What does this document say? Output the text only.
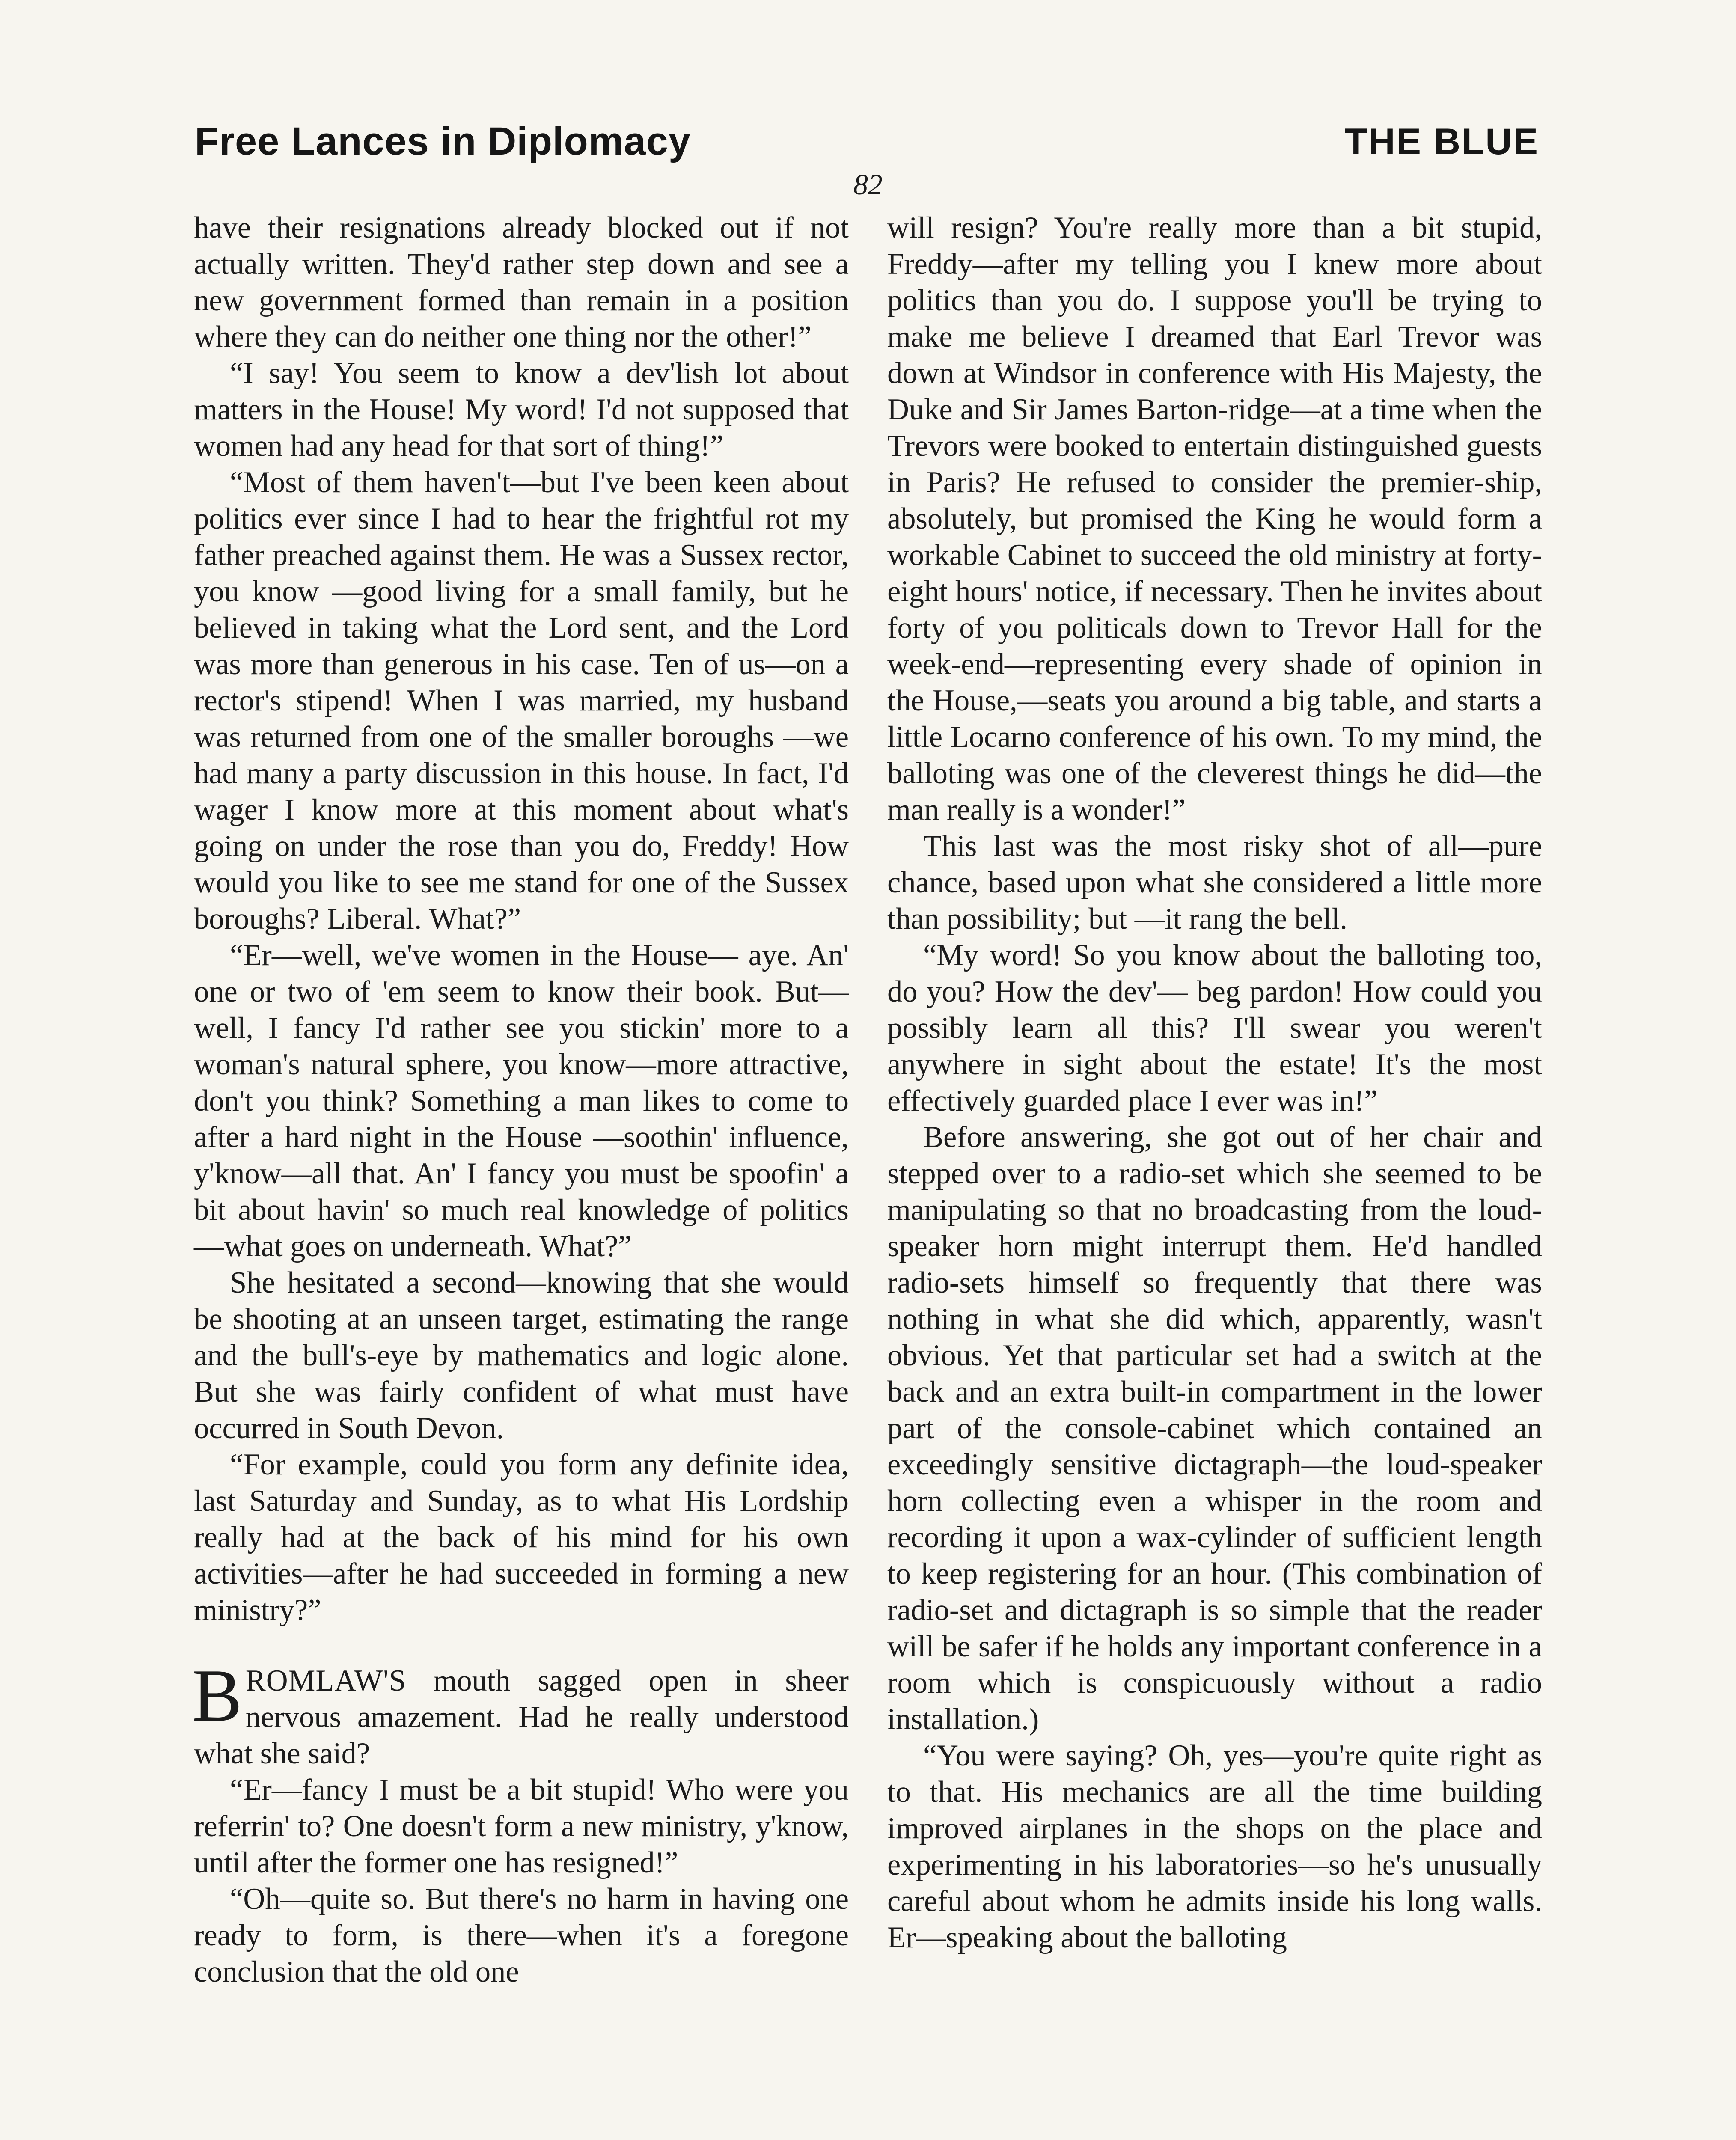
Free Lances in Diplomacy	THE BLUE
82

have their resignations already blocked out if not actually written. They'd rather step down and see a new government formed than remain in a position where they can do neither one thing nor the other!”

“I say! You seem to know a dev'lish lot about matters in the House! My word! I'd not supposed that women had any head for that sort of thing!”

“Most of them haven't—but I've been keen about politics ever since I had to hear the frightful rot my father preached against them. He was a Sussex rector, you know —good living for a small family, but he believed in taking what the Lord sent, and the Lord was more than generous in his case. Ten of us—on a rector's stipend! When I was married, my husband was returned from one of the smaller boroughs —we had many a party discussion in this house. In fact, I'd wager I know more at this moment about what's going on under the rose than you do, Freddy! How would you like to see me stand for one of the Sussex boroughs? Liberal. What?”

“Er—well, we've women in the House— aye. An' one or two of 'em seem to know their book. But—well, I fancy I'd rather see you stickin' more to a woman's natural sphere, you know—more attractive, don't you think? Something a man likes to come to after a hard night in the House —soothin' influence, y'know—all that. An' I fancy you must be spoofin' a bit about havin' so much real knowledge of politics —what goes on underneath. What?”

She hesitated a second—knowing that she would be shooting at an unseen target, estimating the range and the bull's-eye by mathematics and logic alone. But she was fairly confident of what must have occurred in South Devon.

“For example, could you form any definite idea, last Saturday and Sunday, as to what His Lordship really had at the back of his mind for his own activities—after he had succeeded in forming a new ministry?”

BROMLAW'S mouth sagged open in sheer nervous amazement. Had he really understood what she said?

“Er—fancy I must be a bit stupid! Who were you referrin' to? One doesn't form a new ministry, y'know, until after the former one has resigned!”

“Oh—quite so. But there's no harm in having one ready to form, is there—when it's a foregone conclusion that the old one

will resign? You're really more than a bit stupid, Freddy—after my telling you I knew more about politics than you do. I suppose you'll be trying to make me believe I dreamed that Earl Trevor was down at Windsor in conference with His Majesty, the Duke and Sir James Barton-ridge—at a time when the Trevors were booked to entertain distinguished guests in Paris? He refused to consider the premier-ship, absolutely, but promised the King he would form a workable Cabinet to succeed the old ministry at forty-eight hours' notice, if necessary. Then he invites about forty of you politicals down to Trevor Hall for the week-end—representing every shade of opinion in the House,—seats you around a big table, and starts a little Locarno conference of his own. To my mind, the balloting was one of the cleverest things he did—the man really is a wonder!”

This last was the most risky shot of all—pure chance, based upon what she considered a little more than possibility; but —it rang the bell.

“My word! So you know about the balloting too, do you? How the dev'— beg pardon! How could you possibly learn all this? I'll swear you weren't anywhere in sight about the estate! It's the most effectively guarded place I ever was in!”

Before answering, she got out of her chair and stepped over to a radio-set which she seemed to be manipulating so that no broadcasting from the loud-speaker horn might interrupt them. He'd handled radio-sets himself so frequently that there was nothing in what she did which, apparently, wasn't obvious. Yet that particular set had a switch at the back and an extra built-in compartment in the lower part of the console-cabinet which contained an exceedingly sensitive dictagraph—the loud-speaker horn collecting even a whisper in the room and recording it upon a wax-cylinder of sufficient length to keep registering for an hour. (This combination of radio-set and dictagraph is so simple that the reader will be safer if he holds any important conference in a room which is conspicuously without a radio installation.)

“You were saying? Oh, yes—you're quite right as to that. His mechanics are all the time building improved airplanes in the shops on the place and experimenting in his laboratories—so he's unusually careful about whom he admits inside his long walls. Er—speaking about the balloting
